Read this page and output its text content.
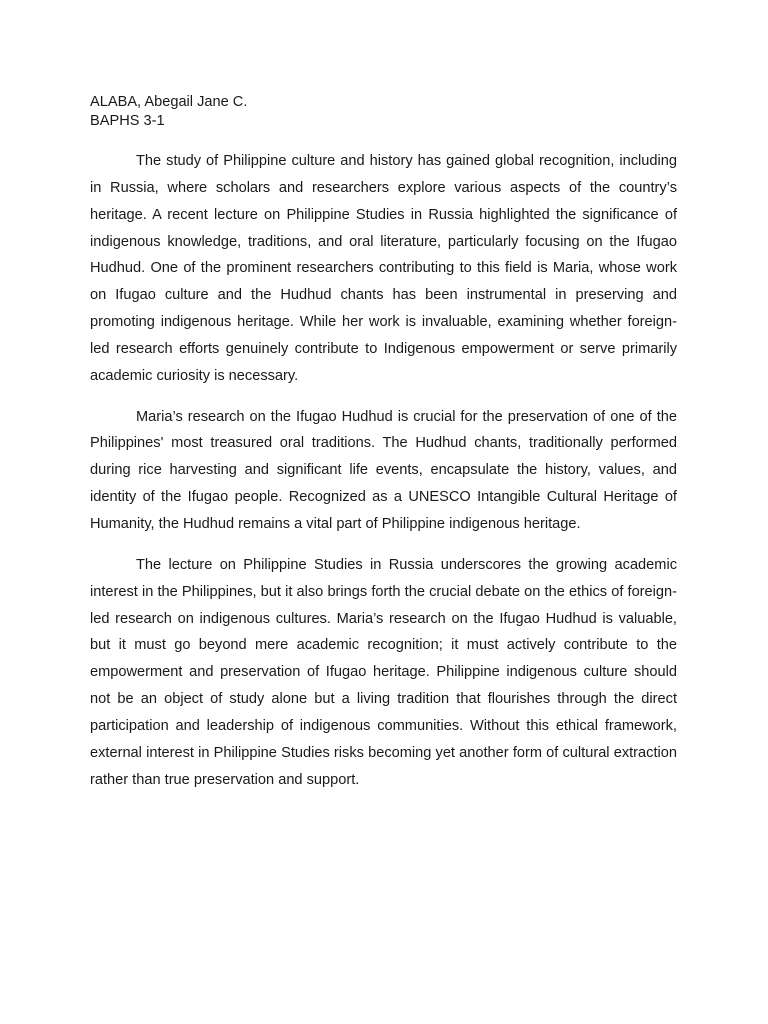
ALABA, Abegail Jane C.
BAPHS 3-1

The study of Philippine culture and history has gained global recognition, including in Russia, where scholars and researchers explore various aspects of the country’s heritage. A recent lecture on Philippine Studies in Russia highlighted the significance of indigenous knowledge, traditions, and oral literature, particularly focusing on the Ifugao Hudhud. One of the prominent researchers contributing to this field is Maria, whose work on Ifugao culture and the Hudhud chants has been instrumental in preserving and promoting indigenous heritage. While her work is invaluable, examining whether foreign-led research efforts genuinely contribute to Indigenous empowerment or serve primarily academic curiosity is necessary.

Maria’s research on the Ifugao Hudhud is crucial for the preservation of one of the Philippines' most treasured oral traditions. The Hudhud chants, traditionally performed during rice harvesting and significant life events, encapsulate the history, values, and identity of the Ifugao people. Recognized as a UNESCO Intangible Cultural Heritage of Humanity, the Hudhud remains a vital part of Philippine indigenous heritage.

The lecture on Philippine Studies in Russia underscores the growing academic interest in the Philippines, but it also brings forth the crucial debate on the ethics of foreign-led research on indigenous cultures. Maria’s research on the Ifugao Hudhud is valuable, but it must go beyond mere academic recognition; it must actively contribute to the empowerment and preservation of Ifugao heritage. Philippine indigenous culture should not be an object of study alone but a living tradition that flourishes through the direct participation and leadership of indigenous communities. Without this ethical framework, external interest in Philippine Studies risks becoming yet another form of cultural extraction rather than true preservation and support.
